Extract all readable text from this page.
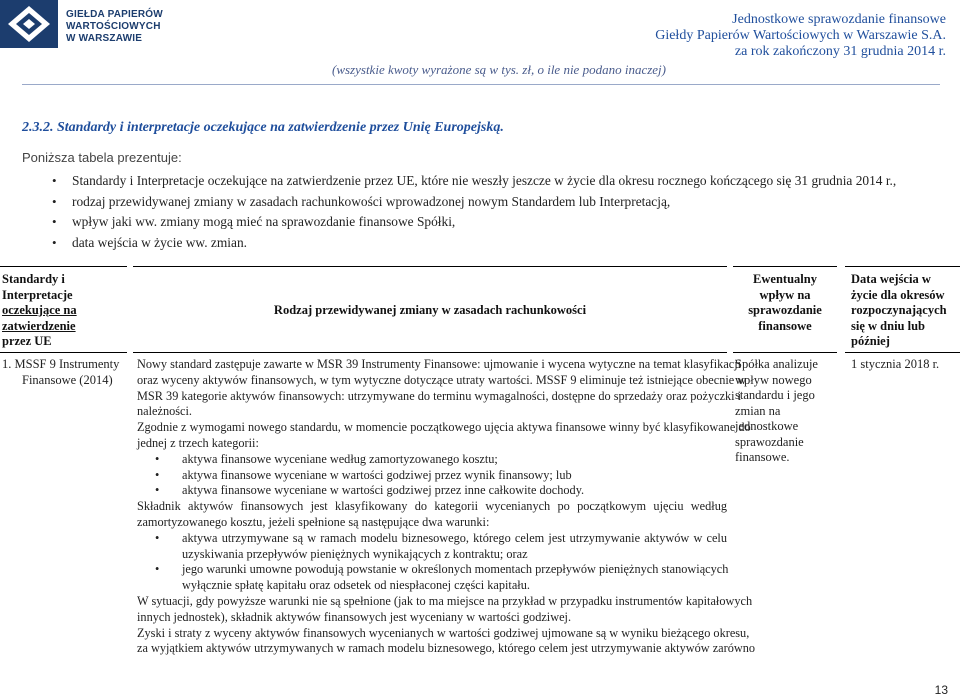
GIEŁDA PAPIERÓW
WARTOŚCIOWYCH
W WARSZAWIE
Jednostkowe sprawozdanie finansowe
Giełdy Papierów Wartościowych w Warszawie S.A.
za rok zakończony 31 grudnia 2014 r.
(wszystkie kwoty wyrażone są w tys. zł, o ile nie podano inaczej)
2.3.2. Standardy i interpretacje oczekujące na zatwierdzenie przez Unię Europejską.
Poniższa tabela prezentuje:
• Standardy i Interpretacje oczekujące na zatwierdzenie przez UE, które nie weszły jeszcze w życie dla okresu rocznego kończącego się 31 grudnia 2014 r.,
• rodzaj przewidywanej zmiany w zasadach rachunkowości wprowadzonej nowym Standardem lub Interpretacją,
• wpływ jaki ww. zmiany mogą mieć na sprawozdanie finansowe Spółki,
• data wejścia w życie ww. zmian.
Standardy i
Interpretacje
oczekujące na
zatwierdzenie
przez UE
Rodzaj przewidywanej zmiany w zasadach rachunkowości
Ewentualny
wpływ na
sprawozdanie
finansowe
Data wejścia w
życie dla okresów
rozpoczynających
się w dniu lub
później
1. MSSF 9 Instrumenty
Finansowe (2014)

Nowy standard zastępuje zawarte w MSR 39 Instrumenty Finansowe: ujmowanie i wycena wytyczne na temat klasyfikacji

oraz wyceny aktywów finansowych, w tym wytyczne dotyczące utraty wartości. MSSF 9 eliminuje też istniejące obecnie w

MSR 39 kategorie aktywów finansowych: utrzymywane do terminu wymagalności, dostępne do sprzedaży oraz pożyczki i

należności.

Zgodnie z wymogami nowego standardu, w momencie początkowego ujęcia aktywa finansowe winny być klasyfikowane do

jednej z trzech kategorii:

• aktywa finansowe wyceniane według zamortyzowanego kosztu;

• aktywa finansowe wyceniane w wartości godziwej przez wynik finansowy; lub

• aktywa finansowe wyceniane w wartości godziwej przez inne całkowite dochody.

Składnik aktywów finansowych jest klasyfikowany do kategorii wycenianych po początkowym ujęciu według

zamortyzowanego kosztu, jeżeli spełnione są następujące dwa warunki:

• aktywa utrzymywane są w ramach modelu biznesowego, którego celem jest utrzymywanie aktywów w celu

uzyskiwania przepływów pieniężnych wynikających z kontraktu; oraz

• jego warunki umowne powodują powstanie w określonych momentach przepływów pieniężnych stanowiących

wyłącznie spłatę kapitału oraz odsetek od niespłaconej części kapitału.

W sytuacji, gdy powyższe warunki nie są spełnione (jak to ma miejsce na przykład w przypadku instrumentów kapitałowych

innych jednostek), składnik aktywów finansowych jest wyceniany w wartości godziwej.

Zyski i straty z wyceny aktywów finansowych wycenianych w wartości godziwej ujmowane są w wyniku bieżącego okresu,

za wyjątkiem aktywów utrzymywanych w ramach modelu biznesowego, którego celem jest utrzymywanie aktywów zarówno

Spółka analizuje
wpływ nowego
standardu i jego
zmian na
jednostkowe
sprawozdanie
finansowe.
1 stycznia 2018 r.
13
